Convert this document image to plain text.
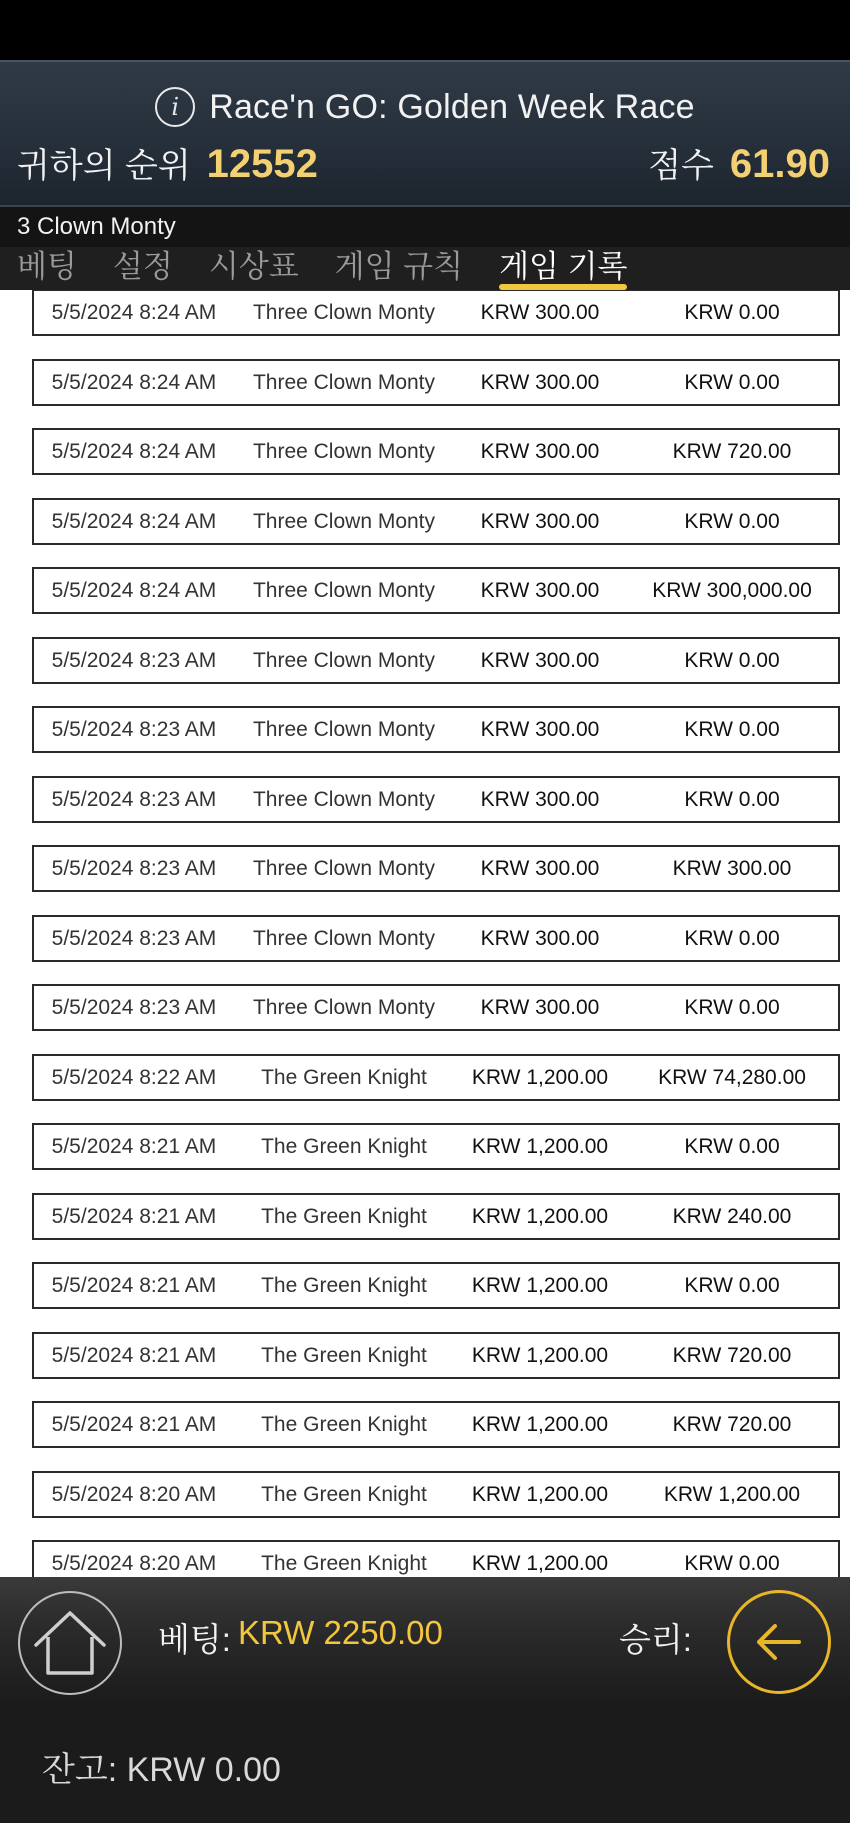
i Race'n GO: Golden Week Race
귀하의 순위 12552	점수 61.90
3 Clown Monty
베팅 설정 시상표 게임 규칙 게임 기록
5/5/2024 8:24 AM	Three Clown Monty	KRW 300.00	KRW 0.00
5/5/2024 8:24 AM	Three Clown Monty	KRW 300.00	KRW 0.00
5/5/2024 8:24 AM	Three Clown Monty	KRW 300.00	KRW 720.00
5/5/2024 8:24 AM	Three Clown Monty	KRW 300.00	KRW 0.00
5/5/2024 8:24 AM	Three Clown Monty	KRW 300.00	KRW 300,000.00
5/5/2024 8:23 AM	Three Clown Monty	KRW 300.00	KRW 0.00
5/5/2024 8:23 AM	Three Clown Monty	KRW 300.00	KRW 0.00
5/5/2024 8:23 AM	Three Clown Monty	KRW 300.00	KRW 0.00
5/5/2024 8:23 AM	Three Clown Monty	KRW 300.00	KRW 300.00
5/5/2024 8:23 AM	Three Clown Monty	KRW 300.00	KRW 0.00
5/5/2024 8:23 AM	Three Clown Monty	KRW 300.00	KRW 0.00
5/5/2024 8:22 AM	The Green Knight	KRW 1,200.00	KRW 74,280.00
5/5/2024 8:21 AM	The Green Knight	KRW 1,200.00	KRW 0.00
5/5/2024 8:21 AM	The Green Knight	KRW 1,200.00	KRW 240.00
5/5/2024 8:21 AM	The Green Knight	KRW 1,200.00	KRW 0.00
5/5/2024 8:21 AM	The Green Knight	KRW 1,200.00	KRW 720.00
5/5/2024 8:21 AM	The Green Knight	KRW 1,200.00	KRW 720.00
5/5/2024 8:20 AM	The Green Knight	KRW 1,200.00	KRW 1,200.00
5/5/2024 8:20 AM	The Green Knight	KRW 1,200.00	KRW 0.00
베팅: KRW 2250.00	승리:
잔고: KRW 0.00
